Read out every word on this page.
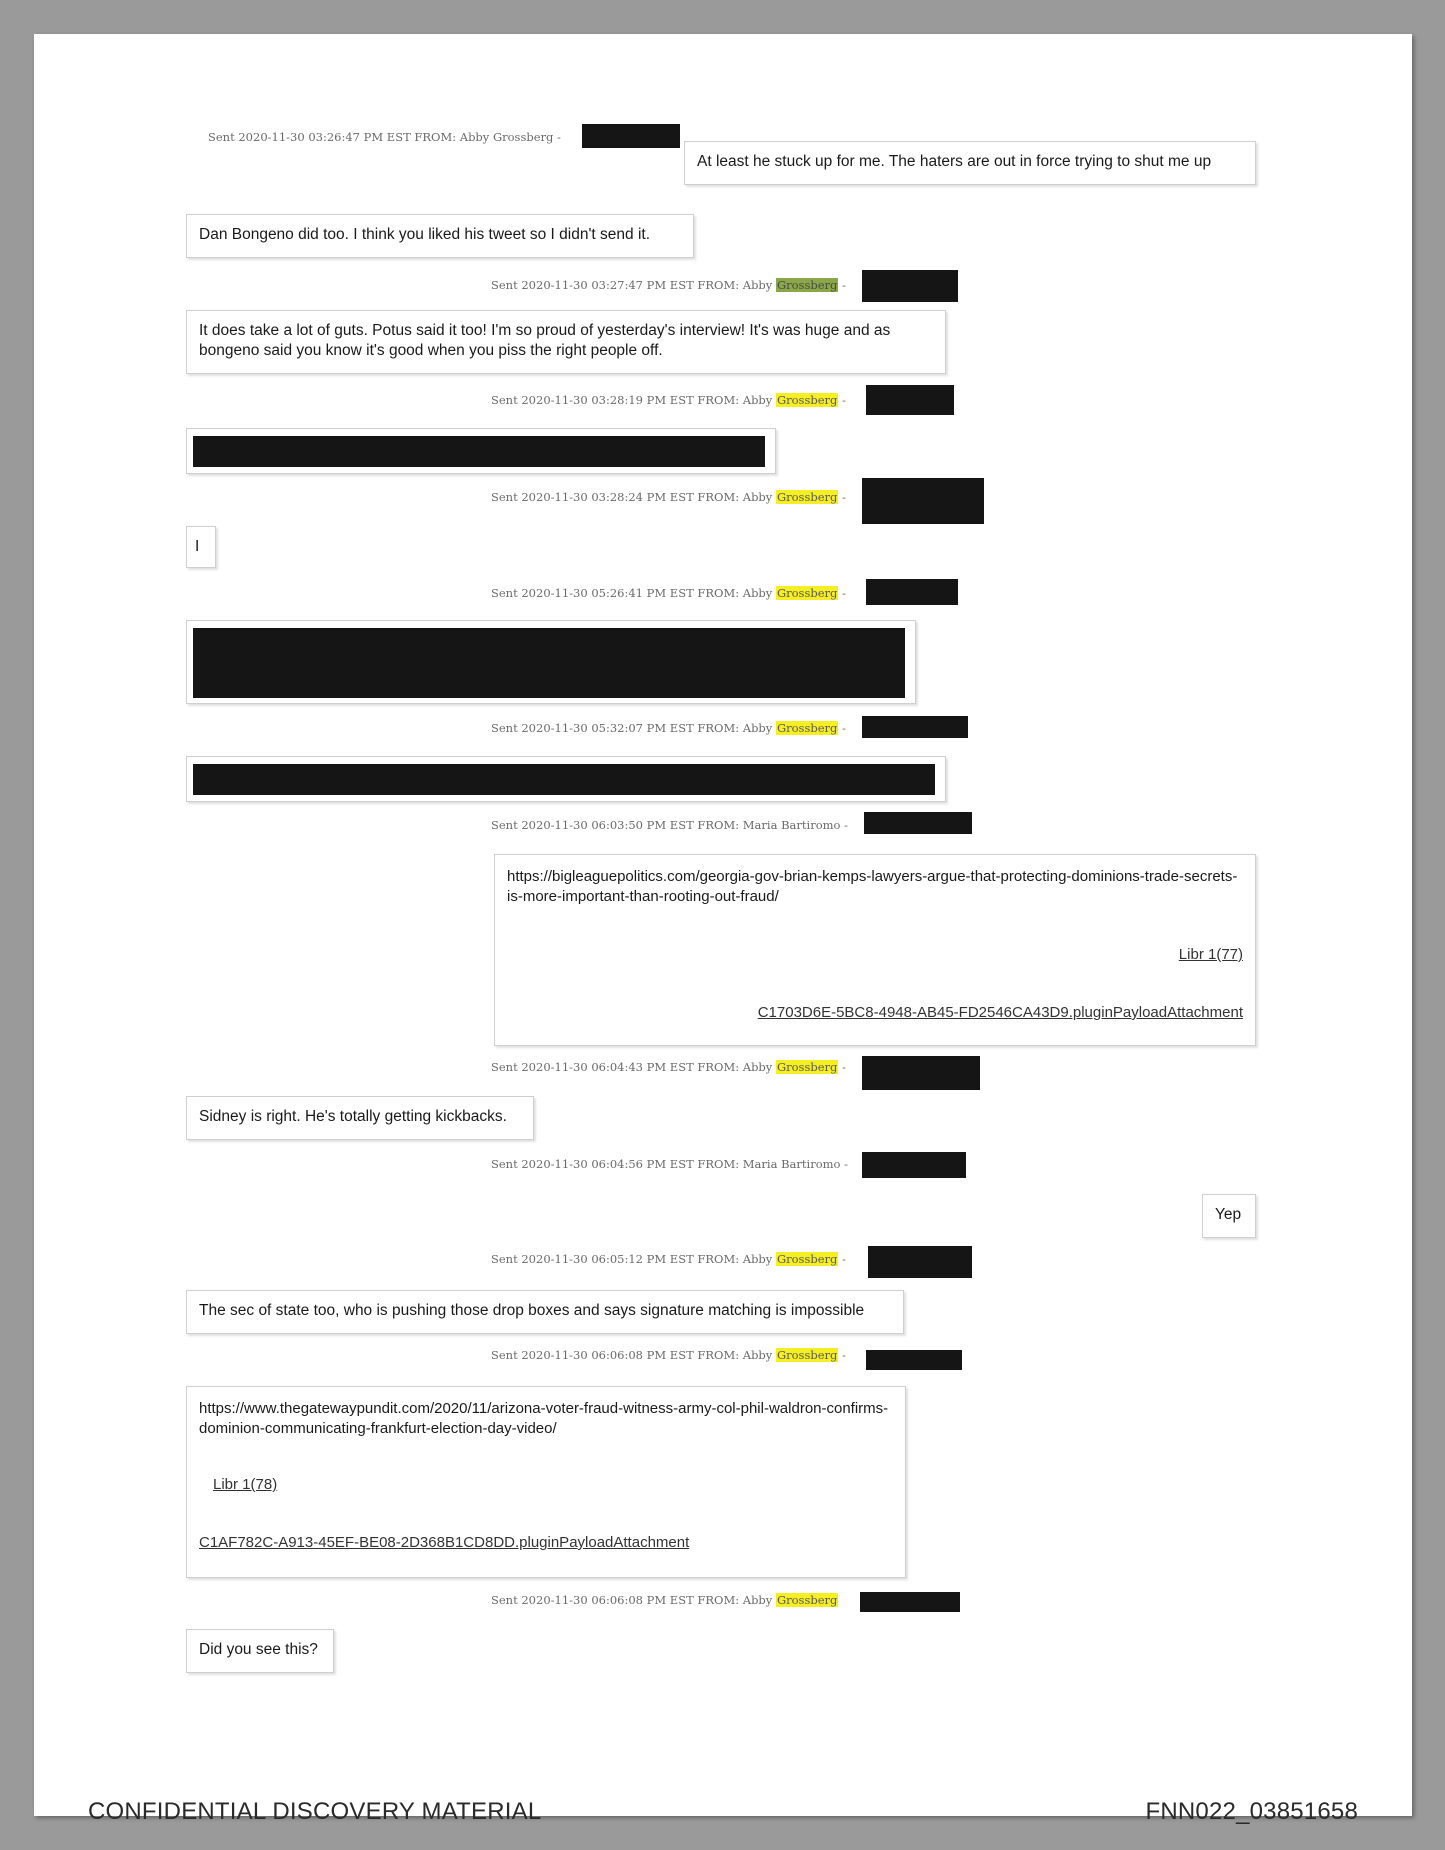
Sent 2020-11-30 03:26:47 PM EST FROM: Abby Grossberg -
At least he stuck up for me. The haters are out in force trying to shut me up
Dan Bongeno did too. I think you liked his tweet so I didn't send it.
Sent 2020-11-30 03:27:47 PM EST FROM: Abby Grossberg -
It does take a lot of guts. Potus said it too! I'm so proud of yesterday's interview! It's was huge and as bongeno said you know it's good when you piss the right people off.
Sent 2020-11-30 03:28:19 PM EST FROM: Abby Grossberg -
Sent 2020-11-30 03:28:24 PM EST FROM: Abby Grossberg -
I
Sent 2020-11-30 05:26:41 PM EST FROM: Abby Grossberg -
Sent 2020-11-30 05:32:07 PM EST FROM: Abby Grossberg -
Sent 2020-11-30 06:03:50 PM EST FROM: Maria Bartiromo -
https://bigleaguepolitics.com/georgia-gov-brian-kemps-lawyers-argue-that-protecting-dominions-trade-secrets-is-more-important-than-rooting-out-fraud/
Libr 1(77)
C1703D6E-5BC8-4948-AB45-FD2546CA43D9.pluginPayloadAttachment
Sent 2020-11-30 06:04:43 PM EST FROM: Abby Grossberg -
Sidney is right. He's totally getting kickbacks.
Sent 2020-11-30 06:04:56 PM EST FROM: Maria Bartiromo -
Yep
Sent 2020-11-30 06:05:12 PM EST FROM: Abby Grossberg -
The sec of state too, who is pushing those drop boxes and says signature matching is impossible
Sent 2020-11-30 06:06:08 PM EST FROM: Abby Grossberg -
https://www.thegatewaypundit.com/2020/11/arizona-voter-fraud-witness-army-col-phil-waldron-confirms-dominion-communicating-frankfurt-election-day-video/
Libr 1(78)
C1AF782C-A913-45EF-BE08-2D368B1CD8DD.pluginPayloadAttachment
Sent 2020-11-30 06:06:08 PM EST FROM: Abby Grossberg
Did you see this?
CONFIDENTIAL DISCOVERY MATERIAL	FNN022_03851658
